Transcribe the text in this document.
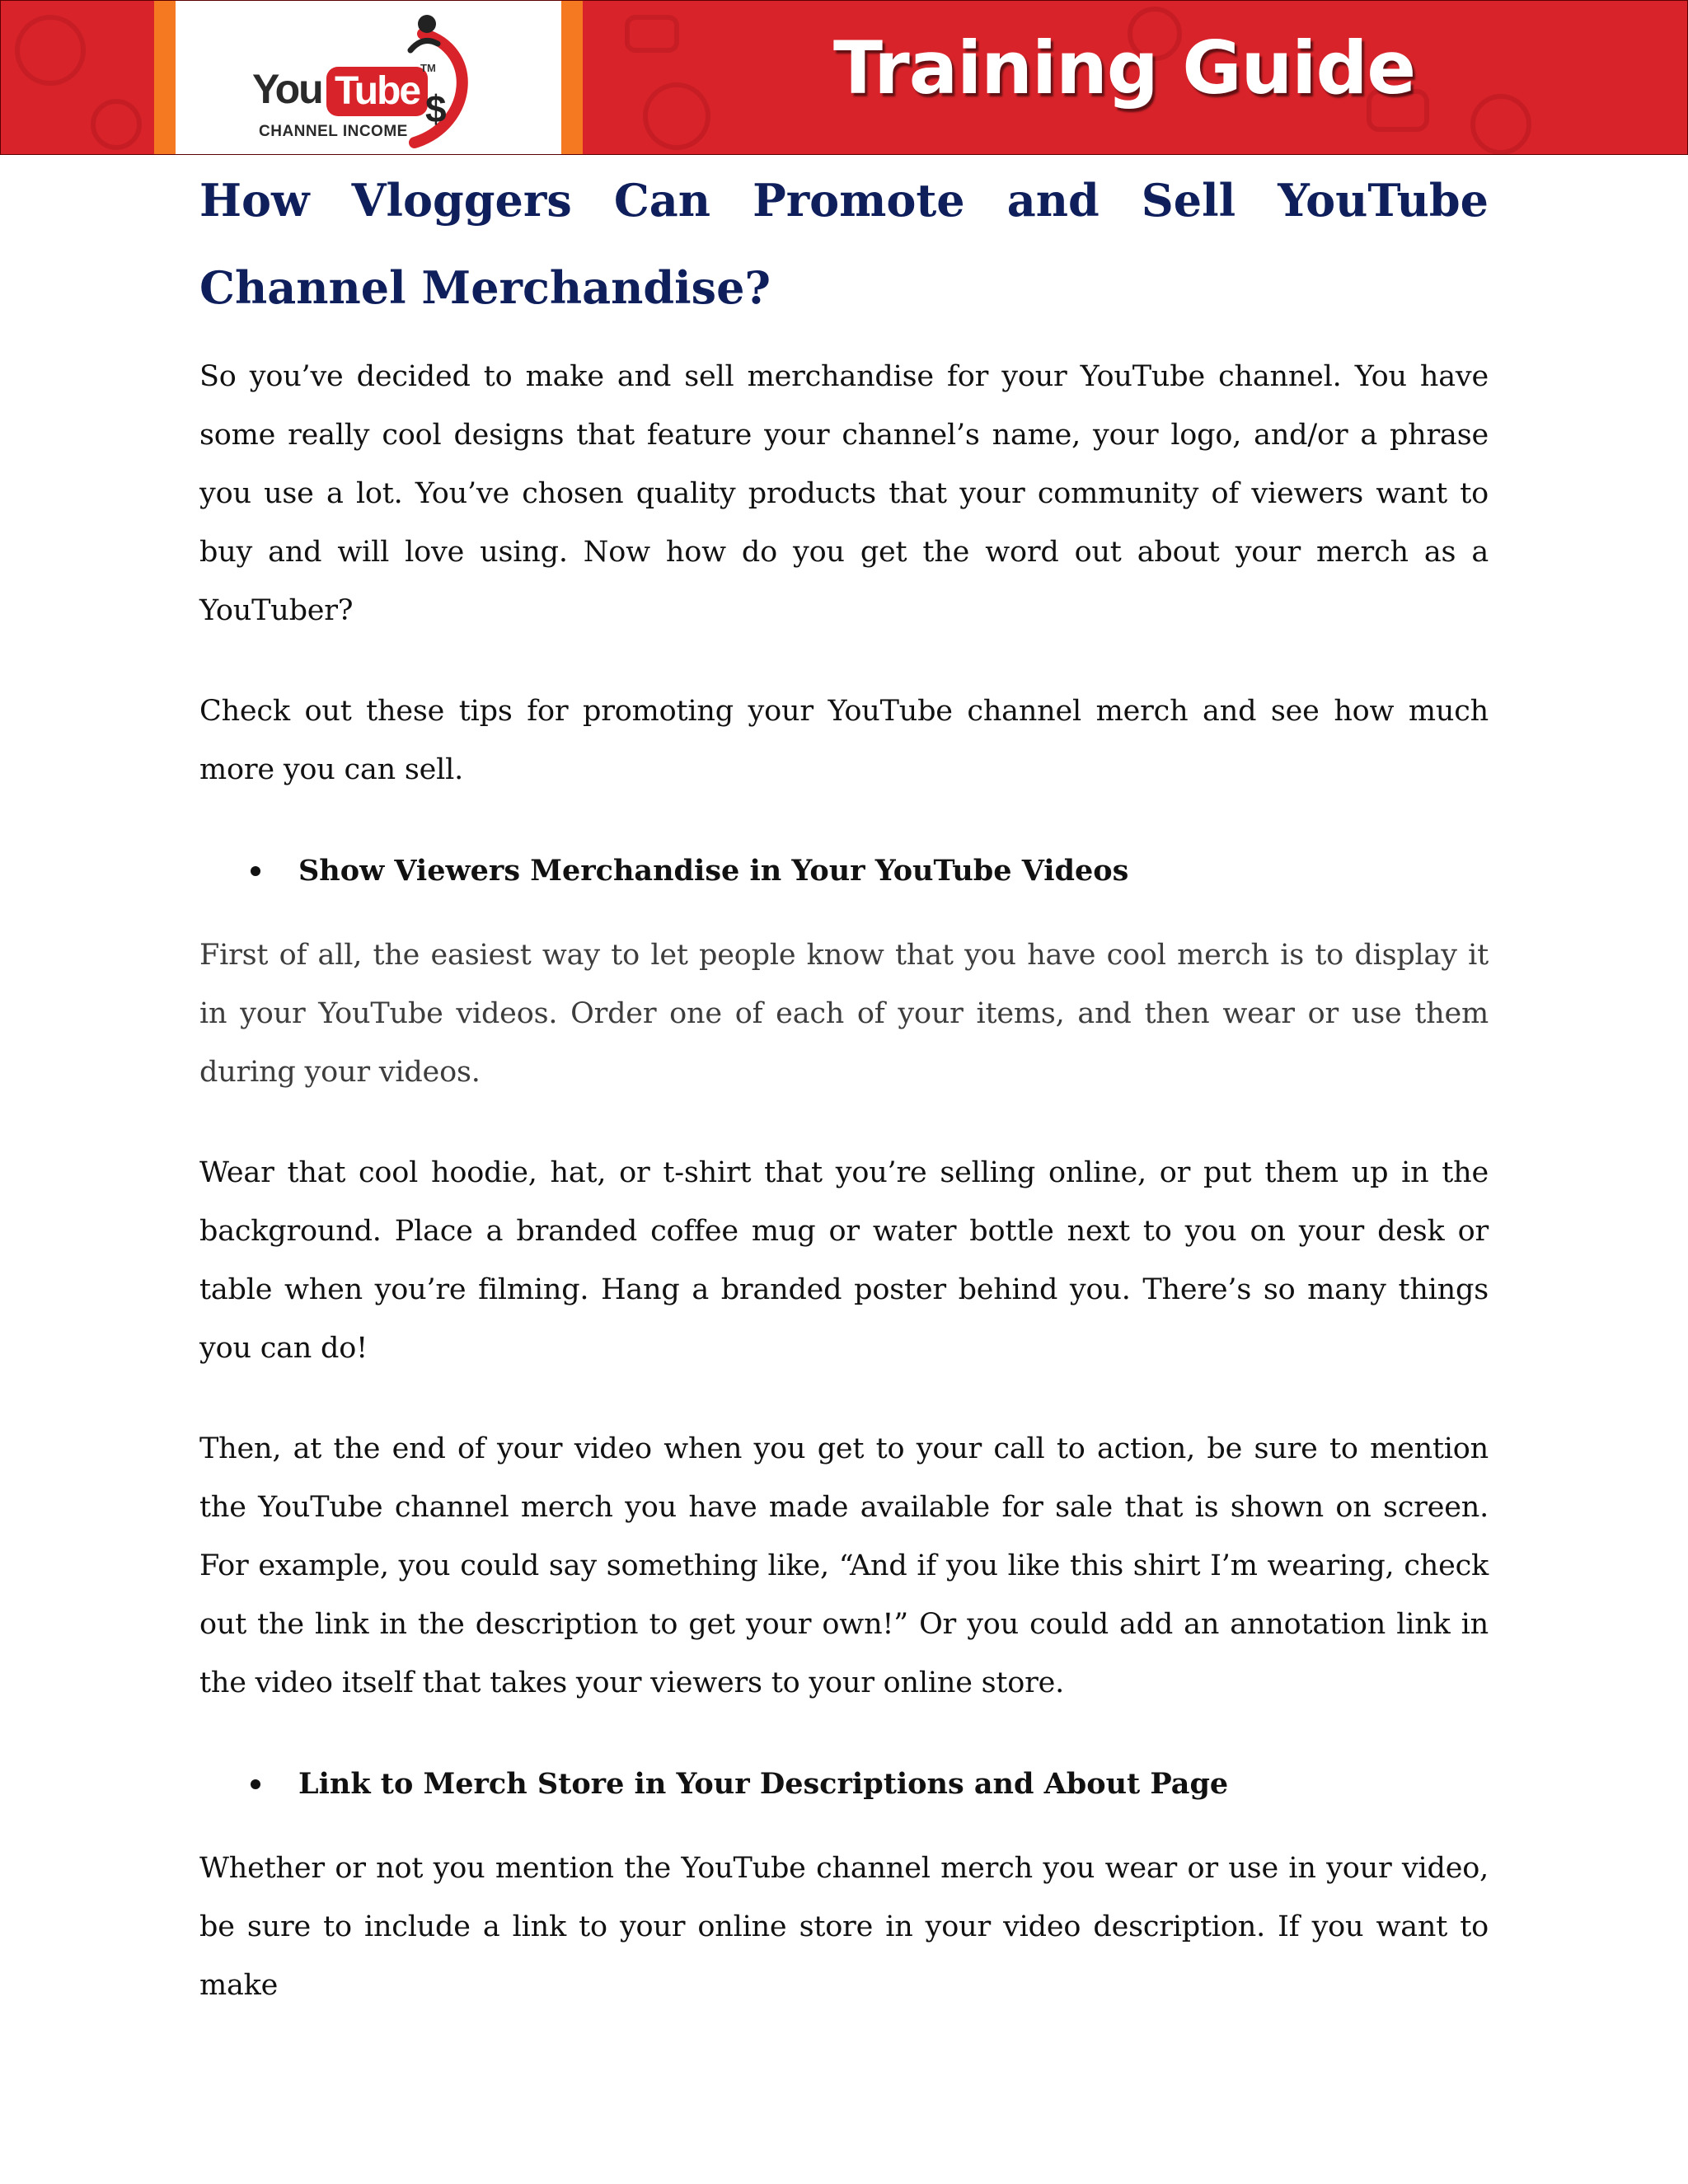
You Tube
TM
$
CHANNEL INCOME
Training Guide
How Vloggers Can Promote and Sell YouTube Channel Merchandise?

So you’ve decided to make and sell merchandise for your YouTube channel. You have some really cool designs that feature your channel’s name, your logo, and/or a phrase you use a lot. You’ve chosen quality products that your community of viewers want to buy and will love using. Now how do you get the word out about your merch as a YouTuber?

Check out these tips for promoting your YouTube channel merch and see how much more you can sell.

Show Viewers Merchandise in Your YouTube Videos

First of all, the easiest way to let people know that you have cool merch is to display it in your YouTube videos. Order one of each of your items, and then wear or use them during your videos.

Wear that cool hoodie, hat, or t-shirt that you’re selling online, or put them up in the background. Place a branded coffee mug or water bottle next to you on your desk or table when you’re filming. Hang a branded poster behind you. There’s so many things you can do!

Then, at the end of your video when you get to your call to action, be sure to mention the YouTube channel merch you have made available for sale that is shown on screen. For example, you could say something like, “And if you like this shirt I’m wearing, check out the link in the description to get your own!” Or you could add an annotation link in the video itself that takes your viewers to your online store.

Link to Merch Store in Your Descriptions and About Page

Whether or not you mention the YouTube channel merch you wear or use in your video, be sure to include a link to your online store in your video description. If you want to make
